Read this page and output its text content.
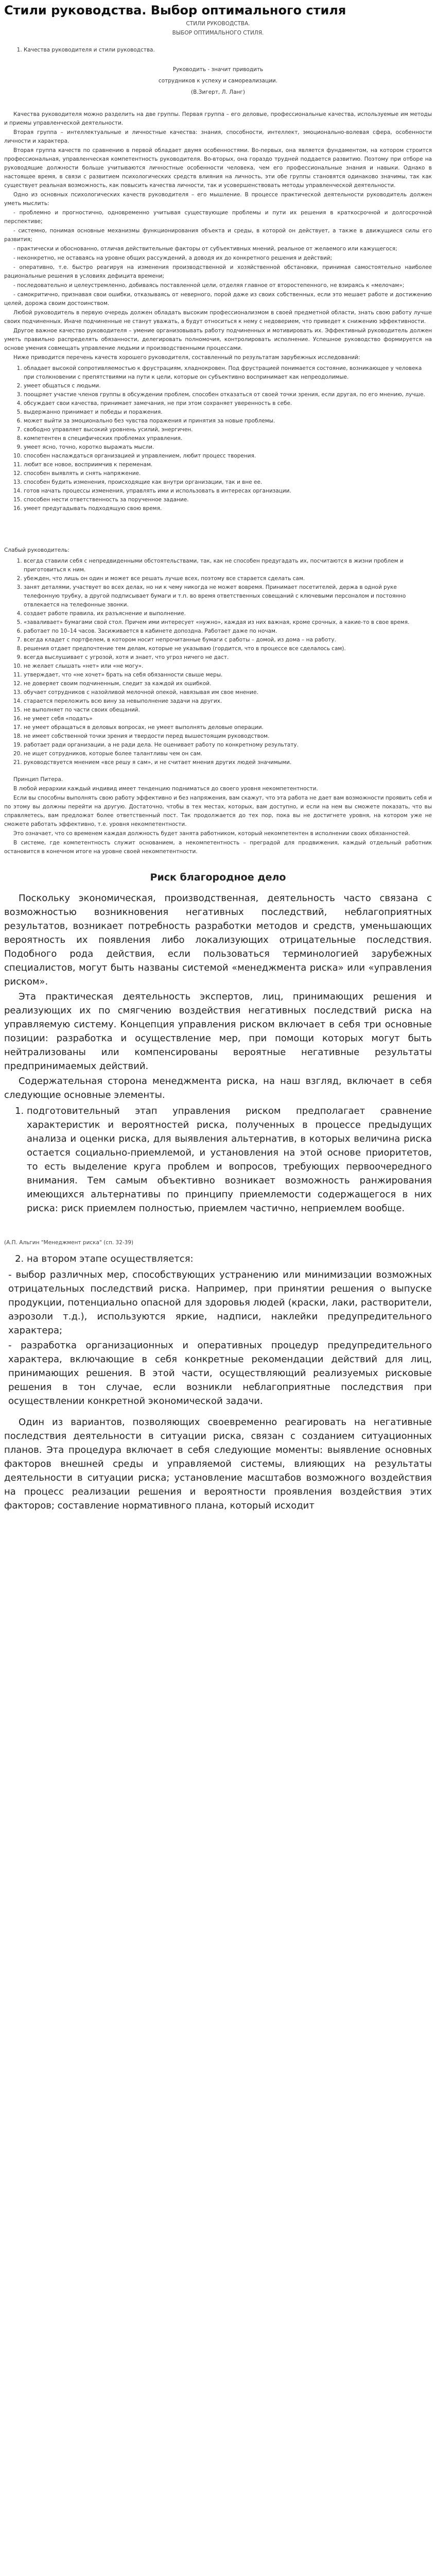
Стили руководства. Выбор оптимального стиля

СТИЛИ РУКОВОДСТВА.

ВЫБОР ОПТИМАЛЬНОГО СТИЛЯ.

1. Качества руководителя и стили руководства.
Руководить - значит приводить
сотрудников к успеху и самореализации.
(В.Зигерт, Л. Ланг)

Качества руководителя можно разделить на две группы. Первая группа – его деловые, профессиональные качества, используемые им методы и приемы управленческой деятельности.

Вторая группа – интеллектуальные и личностные качества: знания, способности, интеллект, эмоционально-волевая сфера, особенности личности и характера.

Вторая группа качеств по сравнению в первой обладает двумя особенностями. Во-первых, она является фундаментом, на котором строится профессиональная, управленческая компетентность руководителя. Во-вторых, она гораздо трудней поддается развитию. Поэтому при отборе на руководящие должности больше учитываются личностные особенности человека, чем его профессиональные знания и навыки. Однако в настоящее время, в связи с развитием психологических средств влияния на личность, эти обе группы становятся одинаково значимы, так как существует реальная возможность, как повысить качества личности, так и усовершенствовать методы управленческой деятельности.

Одно из основных психологических качеств руководителя – его мышление. В процессе практической деятельности руководитель должен уметь мыслить:

- проблемно и прогностично, одновременно учитывая существующие проблемы и пути их решения в краткосрочной и долгосрочной перспективе;

- системно, понимая основные механизмы функционирования объекта и среды, в которой он действует, а также в движущиеся силы его развития;

- практически и обоснованно, отличая действительные факторы от субъективных мнений, реальное от желаемого или кажущегося;

- неконкретно, не оставаясь на уровне общих рассуждений, а доводя их до конкретного решения и действий;

- оперативно, т.е. быстро реагируя на изменения производственной и хозяйственной обстановки, принимая самостоятельно наиболее рациональные решения в условиях дефицита времени;

- последовательно и целеустремленно, добиваясь поставленной цели, отделяя главное от второстепенного, не взираясь к «мелочам»;

- самокритично, признавая свои ошибки, отказываясь от неверного, порой даже из своих собственных, если это мешает работе и достижению целей, дорожа своим достоинством.

Любой руководитель в первую очередь должен обладать высоким профессионализмом в своей предметной области, знать свою работу лучше своих подчиненных. Иначе подчиненные не станут уважать, а будут относиться к нему с недоверием, что приведет к снижению эффективности.

Другое важное качество руководителя – умение организовывать работу подчиненных и мотивировать их. Эффективный руководитель должен уметь правильно распределять обязанности, делегировать полномочия, контролировать исполнение. Успешное руководство формируется на основе умения совмещать управление людьми и производственными процессами.

Ниже приводится перечень качеств хорошего руководителя, составленный по результатам зарубежных исследований:

1. обладает высокой сопротивляемостью к фрустрациям, хладнокровен. Под фрустрацией понимается состояние, возникающее у человека при столкновении с препятствиями на пути к цели, которые он субъективно воспринимает как непреодолимые.
2. умеет общаться с людьми.
3. поощряет участие членов группы в обсуждении проблем, способен отказаться от своей точки зрения, если другая, по его мнению, лучше.
4. обсуждает свои качества, принимает замечания, не при этом сохраняет уверенность в себе.
5. выдержанно принимает и победы и поражения.
6. может выйти за эмоционально без чувства поражения и принятия за новые проблемы.
7. свободно управляет высокий уровнень усилий, энергичен.
8. компетентен в специфических проблемах управления.
9. умеет ясно, точно, коротко выражать мысли.
10. способен наслаждаться организацией и управлением, любит процесс творения.
11. любит все новое, восприимчив к переменам.
12. способен выявлять и снять напряжение.
13. способен будить изменения, происходящие как внутри организации, так и вне ее.
14. готов начать процессы изменения, управлять ими и использовать в интересах организации.
15. способен нести ответственность за порученное задание.
16. умеет предугадывать подходящую свою время.

Слабый руководитель:

1. всегда ставили себя с непредвиденными обстоятельствами, так, как не способен предугадать их, посчитаются в жизни проблем и приготовиться к ним.
2. убежден, что лишь он один и может все решать лучше всех, поэтому все старается сделать сам.
3. занят деталями, участвует во всех делах, но ни к чему никогда не может вовремя. Принимает посетителей, держа в одной руке телефонную трубку, а другой подписывает бумаги и т.п. во время ответственных совещаний с ключевыми персоналом и постоянно отвлекается на телефонные звонки.
4. создает работе правила, их разъяснение и выполнение.
5. «заваливает» бумагами свой стол. Причем ими интересует «нужно», каждая из них важная, кроме срочных, а какие-то в свое время.
6. работает по 10–14 часов. Засиживается в кабинете допоздна. Работает даже по ночам.
7. всегда кладет с портфелем, в котором носит непрочитанные бумаги с работы – домой, из дома – на работу.
8. решения отдает предпочтение тем делам, которые не указываю (гордится, что в процессе все сделалось сам).
9. всегда выслушивает с угрозой, хотя и знает, что угроз ничего не даст.
10. не желает слышать «нет» или «не могу».
11. утверждает, что «не хочет» брать на себя обязанности свыше меры.
12. не доверяет своим подчиненным, следит за каждой их ошибкой.
13. обучает сотрудников с назойливой мелочной опекой, навязывая им свое мнение.
14. старается переложить всю вину за невыполнение задачи на других.
15. не выполняет по части своих обещаний.
16. не умеет себя «подать»
17. не умеет обращаться в деловых вопросах, не умеет выполнять деловые операции.
18. не имеет собственной точки зрения и твердости перед вышестоящим руководством.
19. работает ради организации, а не ради дела. Не оценивает работу по конкретному результату.
20. не ищет сотрудников, которые более талантливы чем он сам.
21. руководствуется мнением «все решу я сам», и не считает мнения других людей значимыми.

Принцип Питера.

В любой иерархии каждый индивид имеет тенденцию подниматься до своего уровня некомпетентности.

Если вы способны выполнять свою работу эффективно и без напряжения, вам скажут, что эта работа не дает вам возможности проявить себя и по этому вы должны перейти на другую. Достаточно, чтобы в тех местах, которых, вам доступно, и если на нем вы сможете показать, что вы справляетесь, вам предложат более ответственный пост. Так продолжается до тех пор, пока вы не достигнете уровня, на котором уже не сможете работать эффективно, т.е. уровня некомпетентности.

Это означает, что со временем каждая должность будет занята работником, который некомпетентен в исполнении своих обязанностей.

В системе, где компетентность служит основанием, а некомпетентность – преградой для продвижения, каждый отдельный работник остановится в конечном итоге на уровне своей некомпетентности.

Риск благородное дело

Поскольку экономическая, производственная, деятельность часто связана с возможностью возникновения негативных последствий, неблагоприятных результатов, возникает потребность разработки методов и средств, уменьшающих вероятность их появления либо локализующих отрицательные последствия. Подобного рода действия, если пользоваться терминологией зарубежных специалистов, могут быть названы системой «менеджмента риска» или «управления риском».

Эта практическая деятельность экспертов, лиц, принимающих решения и реализующих их по смягчению воздействия негативных последствий риска на управляемую систему. Концепция управления риском включает в себя три основные позиции: разработка и осуществление мер, при помощи которых могут быть нейтрализованы или компенсированы вероятные негативные результаты предпринимаемых действий.

Содержательная сторона менеджмента риска, на наш взгляд, включает в себя следующие основные элементы.

1. подготовительный этап управления риском предполагает сравнение характеристик и вероятностей риска, полученных в процессе предыдущих анализа и оценки риска, для выявления альтернатив, в которых величина риска остается социально-приемлемой, и установления на этой основе приоритетов, то есть выделение круга проблем и вопросов, требующих первоочередного внимания. Тем самым объективно возникает возможность ранжирования имеющихся альтернативы по принципу приемлемости содержащегося в них риска: риск приемлем полностью, приемлем частично, неприемлем вообще.
(А.П. Альгин "Менеджмент риска" (сп. 32-39)
2. на втором этапе осуществляется:

- выбор различных мер, способствующих устранению или минимизации возможных отрицательных последствий риска. Например, при принятии решения о выпуске продукции, потенциально опасной для здоровья людей (краски, лаки, растворители, аэрозоли т.д.), используются яркие, надписи, наклейки предупредительного характера;

- разработка организационных и оперативных процедур предупредительного характера, включающие в себя конкретные рекомендации действий для лиц, принимающих решения. В этой части, осуществляющий реализуемых рисковые решения в тон случае, если возникли неблагоприятные последствия при осуществлении конкретной экономической задачи.

Один из вариантов, позволяющих своевременно реагировать на негативные последствия деятельности в ситуации риска, связан с созданием ситуационных планов. Эта процедура включает в себя следующие моменты: выявление основных факторов внешней среды и управляемой системы, влияющих на результаты деятельности в ситуации риска; установление масштабов возможного воздействия на процесс реализации решения и вероятности проявления воздействия этих факторов; составление нормативного плана, который исходит
